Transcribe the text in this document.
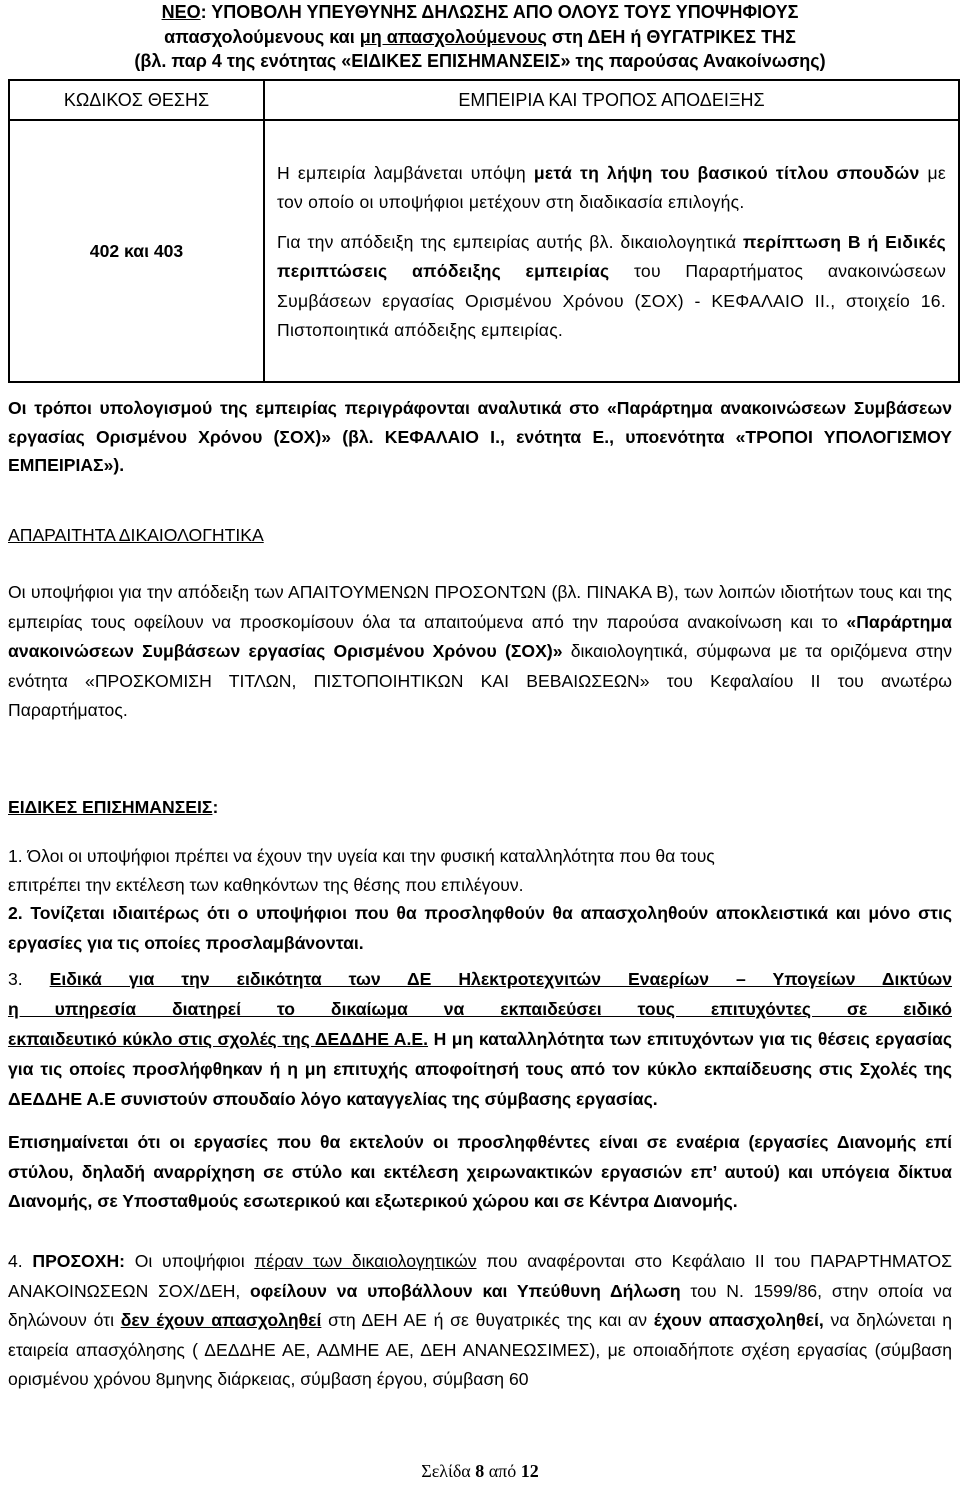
ΝΕΟ: ΥΠΟΒΟΛΗ ΥΠΕΥΘΥΝΗΣ ΔΗΛΩΣΗΣ ΑΠΟ ΟΛΟΥΣ ΤΟΥΣ ΥΠΟΨΗΦΙΟΥΣ
απασχολούμενους και μη απασχολούμενους στη ΔΕΗ ή ΘΥΓΑΤΡΙΚΕΣ ΤΗΣ
(βλ. παρ 4 της ενότητας «ΕΙΔΙΚΕΣ ΕΠΙΣΗΜΑΝΣΕΙΣ» της παρούσας Ανακοίνωσης)
ΚΩΔΙΚΟΣ ΘΕΣΗΣ	ΕΜΠΕΙΡΙΑ ΚΑΙ ΤΡΟΠΟΣ ΑΠΟΔΕΙΞΗΣ
402 και 403	Η εμπειρία λαμβάνεται υπόψη μετά τη λήψη του βασικού τίτλου σπουδών με τον οποίο οι υποψήφιοι μετέχουν στη διαδικασία επιλογής.
Για την απόδειξη της εμπειρίας αυτής βλ. δικαιολογητικά περίπτωση Β ή Ειδικές περιπτώσεις απόδειξης εμπειρίας του Παραρτήματος ανακοινώσεων Συμβάσεων εργασίας Ορισμένου Χρόνου (ΣΟΧ) - ΚΕΦΑΛΑΙΟ ΙΙ., στοιχείο 16. Πιστοποιητικά απόδειξης εμπειρίας.
Οι τρόποι υπολογισμού της εμπειρίας περιγράφονται αναλυτικά στο «Παράρτημα ανακοινώσεων Συμβάσεων εργασίας Ορισμένου Χρόνου (ΣΟΧ)» (βλ. ΚΕΦΑΛΑΙΟ Ι., ενότητα Ε., υποενότητα «ΤΡΟΠΟΙ ΥΠΟΛΟΓΙΣΜΟΥ ΕΜΠΕΙΡΙΑΣ»).
ΑΠΑΡΑΙΤΗΤΑ ΔΙΚΑΙΟΛΟΓΗΤΙΚΑ
Οι υποψήφιοι για την απόδειξη των ΑΠΑΙΤΟΥΜΕΝΩΝ ΠΡΟΣΟΝΤΩΝ (βλ. ΠΙΝΑΚΑ Β), των λοιπών ιδιοτήτων τους και της εμπειρίας τους οφείλουν να προσκομίσουν όλα τα απαιτούμενα από την παρούσα ανακοίνωση και το «Παράρτημα ανακοινώσεων Συμβάσεων εργασίας Ορισμένου Χρόνου (ΣΟΧ)» δικαιολογητικά, σύμφωνα με τα οριζόμενα στην ενότητα «ΠΡΟΣΚΟΜΙΣΗ ΤΙΤΛΩΝ, ΠΙΣΤΟΠΟΙΗΤΙΚΩΝ ΚΑΙ ΒΕΒΑΙΩΣΕΩΝ» του Κεφαλαίου ΙΙ του ανωτέρω Παραρτήματος.
ΕΙΔΙΚΕΣ ΕΠΙΣΗΜΑΝΣΕΙΣ:
1. Όλοι οι υποψήφιοι πρέπει να έχουν την υγεία και την φυσική καταλληλότητα που θα τους
επιτρέπει την εκτέλεση των καθηκόντων της θέσης που επιλέγουν.
2. Τονίζεται ιδιαιτέρως ότι ο υποψήφιοι που θα προσληφθούν θα απασχοληθούν αποκλειστικά και μόνο στις εργασίες για τις οποίες προσλαμβάνονται.
3. Ειδικά για την ειδικότητα των ΔΕ Ηλεκτροτεχνιτών Εναερίων – Υπογείων Δικτύων
η υπηρεσία διατηρεί το δικαίωμα να εκπαιδεύσει τους επιτυχόντες σε ειδικό
εκπαιδευτικό κύκλο στις σχολές της ΔΕΔΔΗΕ Α.Ε. Η μη καταλληλότητα των επιτυχόντων για τις θέσεις εργασίας για τις οποίες προσλήφθηκαν ή η μη επιτυχής αποφοίτησή τους από τον κύκλο εκπαίδευσης στις Σχολές της ΔΕΔΔΗΕ Α.Ε συνιστούν σπουδαίο λόγο καταγγελίας της σύμβασης εργασίας.
Επισημαίνεται ότι οι εργασίες που θα εκτελούν οι προσληφθέντες είναι σε εναέρια (εργασίες Διανομής επί στύλου, δηλαδή αναρρίχηση σε στύλο και εκτέλεση χειρωνακτικών εργασιών επ’ αυτού) και υπόγεια δίκτυα Διανομής, σε Υποσταθμούς εσωτερικού και εξωτερικού χώρου και σε Κέντρα Διανομής.
4. ΠΡΟΣΟΧΗ: Οι υποψήφιοι πέραν των δικαιολογητικών που αναφέρονται στο Κεφάλαιο ΙΙ του ΠΑΡΑΡΤΗΜΑΤΟΣ ΑΝΑΚΟΙΝΩΣΕΩΝ ΣΟΧ/ΔΕΗ, οφείλουν να υποβάλλουν και Υπεύθυνη Δήλωση του Ν. 1599/86, στην οποία να δηλώνουν ότι δεν έχουν απασχοληθεί στη ΔΕΗ ΑΕ ή σε θυγατρικές της και αν έχουν απασχοληθεί, να δηλώνεται η εταιρεία απασχόλησης ( ΔΕΔΔΗΕ ΑΕ, ΑΔΜΗΕ ΑΕ, ΔΕΗ ΑΝΑΝΕΩΣΙΜΕΣ), με οποιαδήποτε σχέση εργασίας (σύμβαση ορισμένου χρόνου 8μηνης διάρκειας, σύμβαση έργου, σύμβαση 60
Σελίδα 8 από 12
